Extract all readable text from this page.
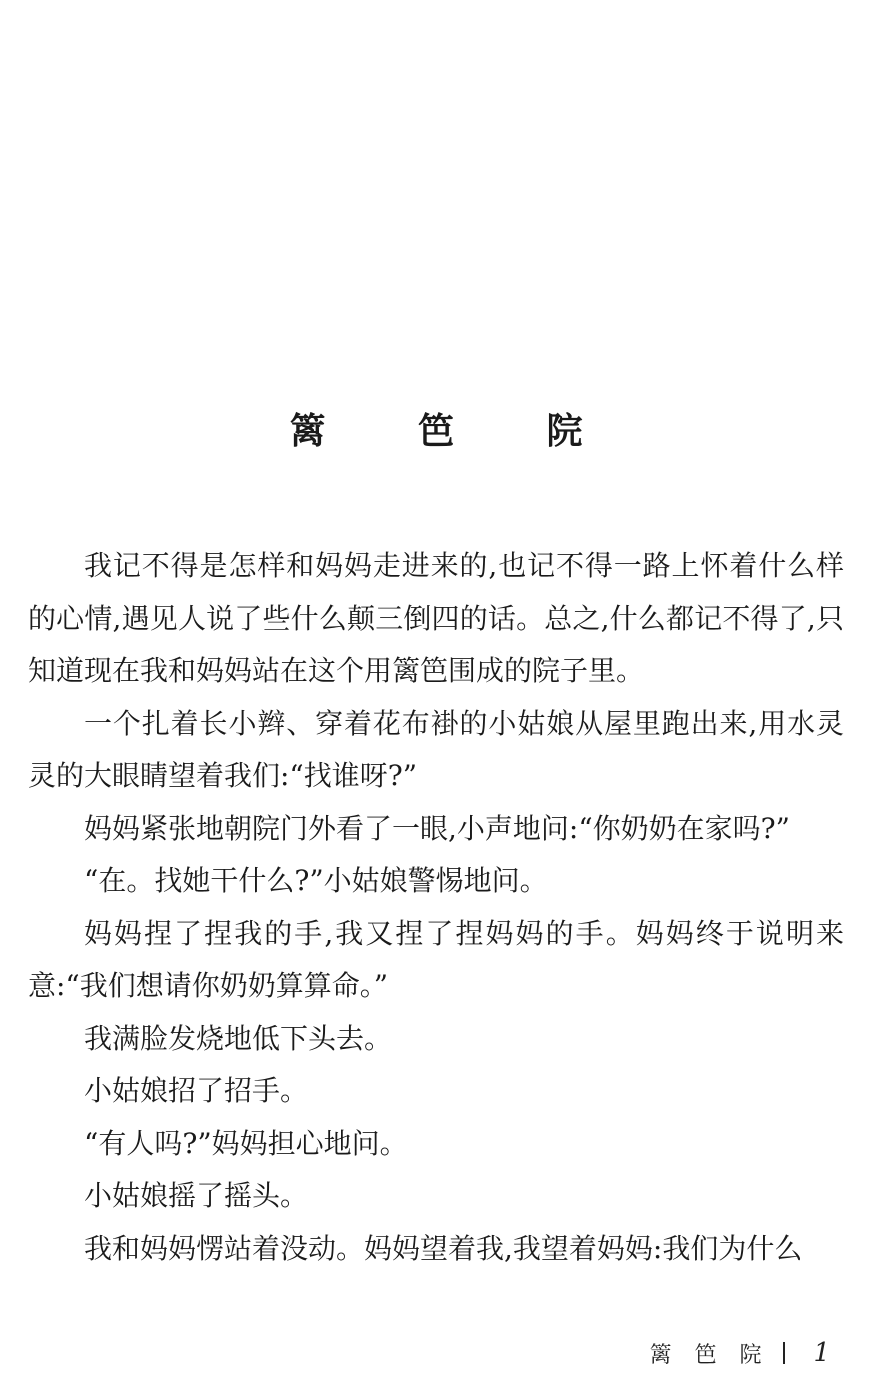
篱 笆 院

我记不得是怎样和妈妈走进来的,也记不得一路上怀着什么样的心情,遇见人说了些什么颠三倒四的话。总之,什么都记不得了,只知道现在我和妈妈站在这个用篱笆围成的院子里。

一个扎着长小辫、穿着花布褂的小姑娘从屋里跑出来,用水灵灵的大眼睛望着我们:“找谁呀?”

妈妈紧张地朝院门外看了一眼,小声地问:“你奶奶在家吗?”

“在。找她干什么?”小姑娘警惕地问。

妈妈捏了捏我的手,我又捏了捏妈妈的手。妈妈终于说明来意:“我们想请你奶奶算算命。”

我满脸发烧地低下头去。

小姑娘招了招手。

“有人吗?”妈妈担心地问。

小姑娘摇了摇头。

我和妈妈愣站着没动。妈妈望着我,我望着妈妈:我们为什么

篱 笆 院 1
